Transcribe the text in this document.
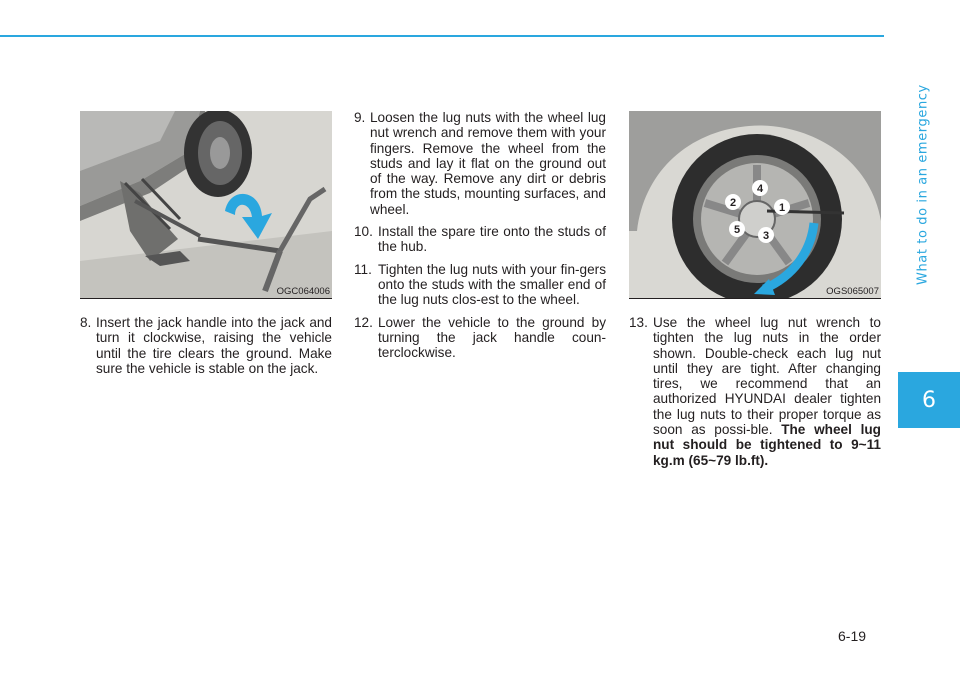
What to do in an emergency
6
OGC064006
1
2
3
4
5
OGS065007
8. Insert the jack handle into the jack and turn it clockwise, raising the vehicle until the tire clears the ground. Make sure the vehicle is stable on the jack.
9. Loosen the lug nuts with the wheel lug nut wrench and remove them with your fingers. Remove the wheel from the studs and lay it flat on the ground out of the way. Remove any dirt or debris from the studs, mounting surfaces, and wheel.
10. Install the spare tire onto the studs of the hub.
11. Tighten the lug nuts with your fin-gers onto the studs with the smaller end of the lug nuts clos-est to the wheel.
12. Lower the vehicle to the ground by turning the jack handle coun-terclockwise.
13. Use the wheel lug nut wrench to tighten the lug nuts in the order shown. Double-check each lug nut until they are tight. After changing tires, we recommend that an authorized HYUNDAI dealer tighten the lug nuts to their proper torque as soon as possi-ble. The wheel lug nut should be tightened to 9~11 kg.m (65~79 lb.ft).
6-19
